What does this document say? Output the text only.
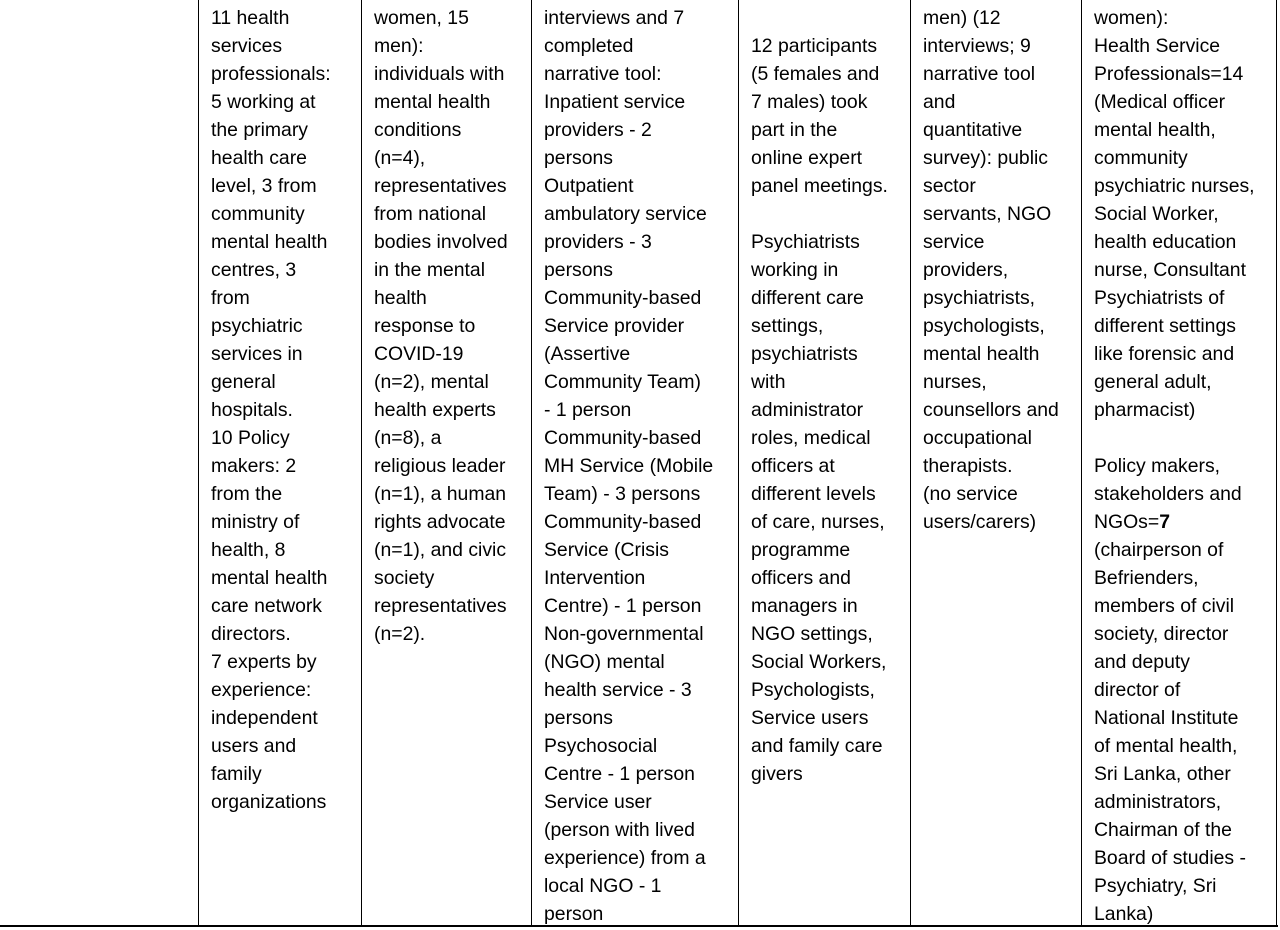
11 health
services
professionals:
5 working at
the primary
health care
level, 3 from
community
mental health
centres, 3
from
psychiatric
services in
general
hospitals.
10 Policy
makers: 2
from the
ministry of
health, 8
mental health
care network
directors.
7 experts by
experience:
independent
users and
family
organizations
women, 15
men):
individuals with
mental health
conditions
(n=4),
representatives
from national
bodies involved
in the mental
health
response to
COVID-19
(n=2), mental
health experts
(n=8), a
religious leader
(n=1), a human
rights advocate
(n=1), and civic
society
representatives
(n=2).
interviews and 7
completed
narrative tool:
Inpatient service
providers - 2
persons
Outpatient
ambulatory service
providers - 3
persons
Community-based
Service provider
(Assertive
Community Team)
- 1 person
Community-based
MH Service (Mobile
Team) - 3 persons
Community-based
Service (Crisis
Intervention
Centre) - 1 person
Non-governmental
(NGO) mental
health service - 3
persons
Psychosocial
Centre - 1 person
Service user
(person with lived
experience) from a
local NGO - 1
person
12 participants
(5 females and
7 males) took
part in the
online expert
panel meetings.
Psychiatrists
working in
different care
settings,
psychiatrists
with
administrator
roles, medical
officers at
different levels
of care, nurses,
programme
officers and
managers in
NGO settings,
Social Workers,
Psychologists,
Service users
and family care
givers
men) (12
interviews; 9
narrative tool
and
quantitative
survey): public
sector
servants, NGO
service
providers,
psychiatrists,
psychologists,
mental health
nurses,
counsellors and
occupational
therapists.
(no service
users/carers)
women):
Health Service
Professionals=14
(Medical officer
mental health,
community
psychiatric nurses,
Social Worker,
health education
nurse, Consultant
Psychiatrists of
different settings
like forensic and
general adult,
pharmacist)
Policy makers,
stakeholders and
NGOs=7
(chairperson of
Befrienders,
members of civil
society, director
and deputy
director of
National Institute
of mental health,
Sri Lanka, other
administrators,
Chairman of the
Board of studies -
Psychiatry, Sri
Lanka)
